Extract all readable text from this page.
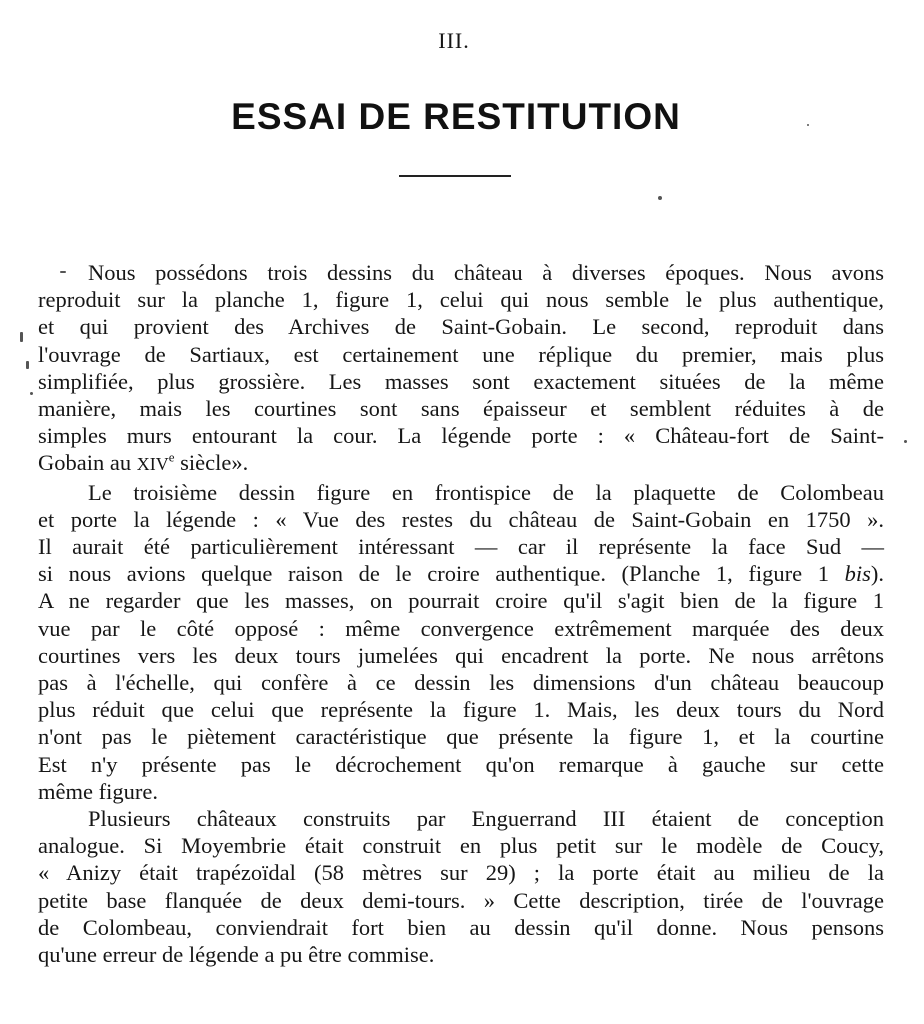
III.
ESSAI DE RESTITUTION

Nous possédons trois dessins du château à diverses époques. Nous avons
reproduit sur la planche 1, figure 1, celui qui nous semble le plus authentique,
et qui provient des Archives de Saint-Gobain. Le second, reproduit dans
l'ouvrage de Sartiaux, est certainement une réplique du premier, mais plus
simplifiée, plus grossière. Les masses sont exactement situées de la même
manière, mais les courtines sont sans épaisseur et semblent réduites à de
simples murs entourant la cour. La légende porte : « Château-fort de Saint-
Gobain au XIVe siècle».

Le troisième dessin figure en frontispice de la plaquette de Colombeau
et porte la légende : « Vue des restes du château de Saint-Gobain en 1750 ».
Il aurait été particulièrement intéressant — car il représente la face Sud —
si nous avions quelque raison de le croire authentique. (Planche 1, figure 1 bis).
A ne regarder que les masses, on pourrait croire qu'il s'agit bien de la figure 1
vue par le côté opposé : même convergence extrêmement marquée des deux
courtines vers les deux tours jumelées qui encadrent la porte. Ne nous arrêtons
pas à l'échelle, qui confère à ce dessin les dimensions d'un château beaucoup
plus réduit que celui que représente la figure 1. Mais, les deux tours du Nord
n'ont pas le piètement caractéristique que présente la figure 1, et la courtine
Est n'y présente pas le décrochement qu'on remarque à gauche sur cette
même figure.

Plusieurs châteaux construits par Enguerrand III étaient de conception
analogue. Si Moyembrie était construit en plus petit sur le modèle de Coucy,
« Anizy était trapézoïdal (58 mètres sur 29) ; la porte était au milieu de la
petite base flanquée de deux demi-tours. » Cette description, tirée de l'ouvrage
de Colombeau, conviendrait fort bien au dessin qu'il donne. Nous pensons
qu'une erreur de légende a pu être commise.
